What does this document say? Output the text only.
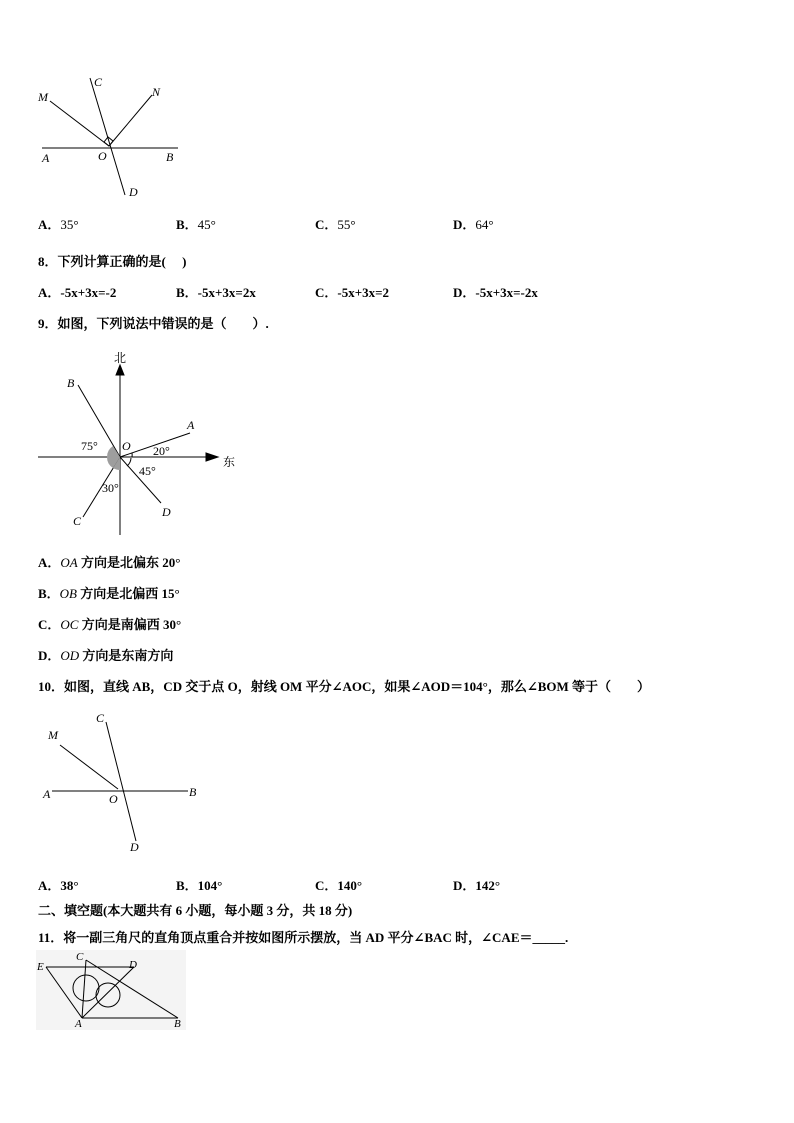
M
C
N
A	O	B
D
A．35°	B．45°	C．55°	D．64°
8．下列计算正确的是(　 )
A．-5x+3x=-2	B．-5x+3x=2x	C．-5x+3x=2	D．-5x+3x=-2x
9．如图，下列说法中错误的是（　　）.
北
东
B
A
C
D
O
75°	20°
45°
30°
A．OA 方向是北偏东 20°
B．OB 方向是北偏西 15°
C．OC 方向是南偏西 30°
D．OD 方向是东南方向
10．如图，直线 AB，CD 交于点 O，射线 OM 平分∠AOC，如果∠AOD＝104°，那么∠BOM 等于（　　）
M
C
A	O	B
D
A．38°	B．104°	C．140°	D．142°
二、填空题(本大题共有 6 小题，每小题 3 分，共 18 分)
11．将一副三角尺的直角顶点重合并按如图所示摆放，当 AD 平分∠BAC 时，∠CAE＝_____.
E
C
D
A	B
